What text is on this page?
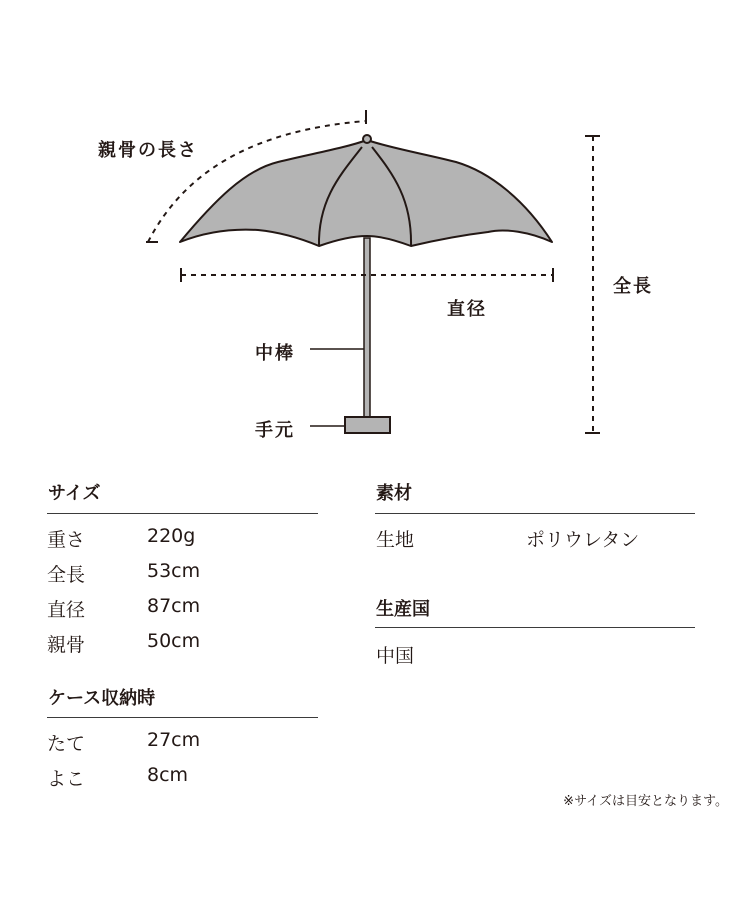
親骨の長さ
直径
全長
中棒
手元
サイズ
重さ	220g
全長	53cm
直径	87cm
親骨	50cm
ケース収納時
たて	27cm
よこ	8cm
素材
生地	ポリウレタン
生産国
中国
※サイズは目安となります。
